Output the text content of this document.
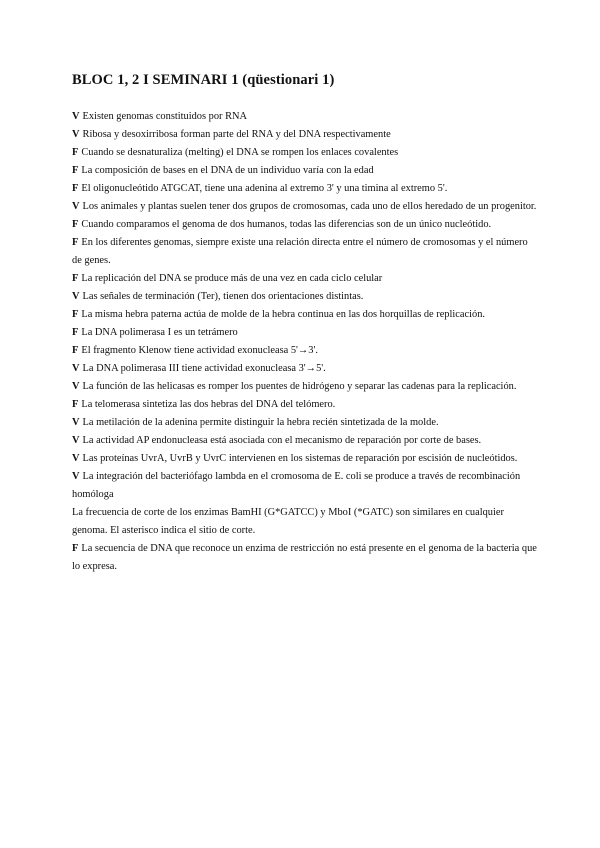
BLOC 1, 2 I SEMINARI 1 (qüestionari 1)
V Existen genomas constituidos por RNA
V Ribosa y desoxirribosa forman parte del RNA y del DNA respectivamente
F Cuando se desnaturaliza (melting) el DNA se rompen los enlaces covalentes
F La composición de bases en el DNA de un individuo varía con la edad
F El oligonucleótido ATGCAT, tiene una adenina al extremo 3' y una timina al extremo 5'.
V Los animales y plantas suelen tener dos grupos de cromosomas, cada uno de ellos heredado de un progenitor.
F Cuando comparamos el genoma de dos humanos, todas las diferencias son de un único nucleótido.
F En los diferentes genomas, siempre existe una relación directa entre el número de cromosomas y el número de genes.
F La replicación del DNA se produce más de una vez en cada ciclo celular
V Las señales de terminación (Ter), tienen dos orientaciones distintas.
F La misma hebra paterna actúa de molde de la hebra continua en las dos horquillas de replicación.
F La DNA polimerasa I es un tetrámero
F El fragmento Klenow tiene actividad exonucleasa 5'→3'.
V La DNA polimerasa III tiene actividad exonucleasa 3'→5'.
V La función de las helicasas es romper los puentes de hidrógeno y separar las cadenas para la replicación.
F La telomerasa sintetiza las dos hebras del DNA del telómero.
V La metilación de la adenina permite distinguir la hebra recién sintetizada de la molde.
V La actividad AP endonucleasa está asociada con el mecanismo de reparación por corte de bases.
V Las proteínas UvrA, UvrB y UvrC intervienen en los sistemas de reparación por escisión de nucleótidos.
V La integración del bacteriófago lambda en el cromosoma de E. coli se produce a través de recombinación homóloga
La frecuencia de corte de los enzimas BamHI (G*GATCC) y MboI (*GATC) son similares en cualquier genoma. El asterisco indica el sitio de corte.
F La secuencia de DNA que reconoce un enzima de restricción no está presente en el genoma de la bacteria que lo expresa.
